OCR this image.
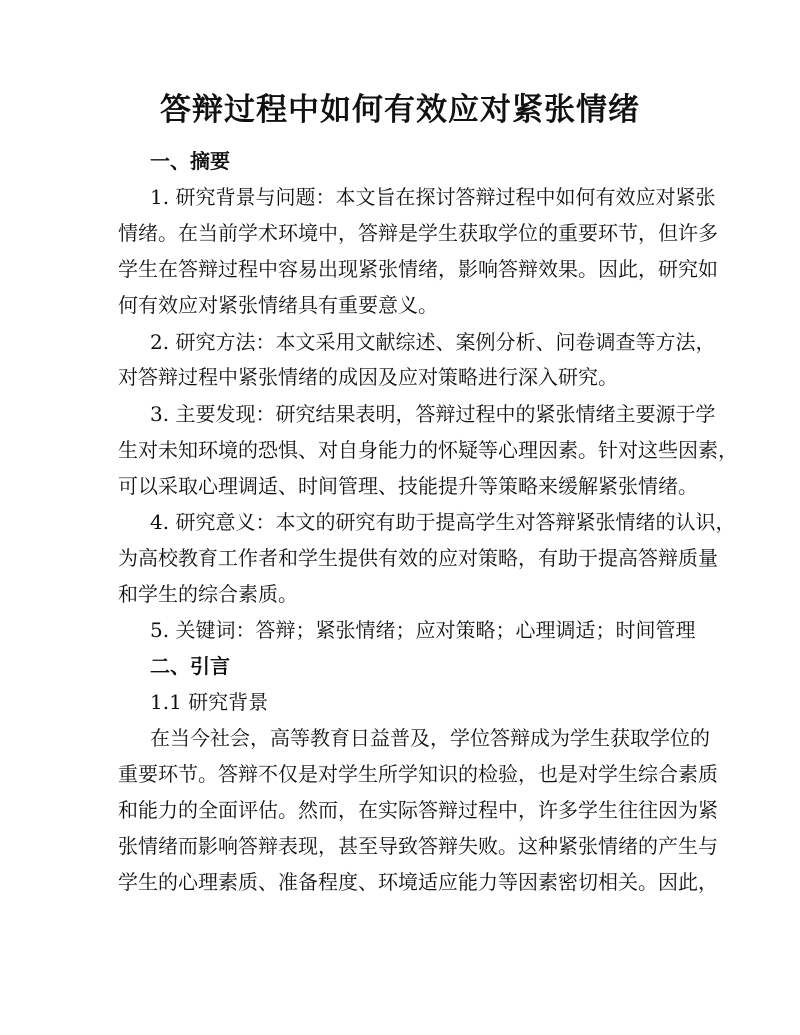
答辩过程中如何有效应对紧张情绪
一、摘要
1. 研究背景与问题：本文旨在探讨答辩过程中如何有效应对紧张
情绪。在当前学术环境中，答辩是学生获取学位的重要环节，但许多
学生在答辩过程中容易出现紧张情绪，影响答辩效果。因此，研究如
何有效应对紧张情绪具有重要意义。
2. 研究方法：本文采用文献综述、案例分析、问卷调查等方法，
对答辩过程中紧张情绪的成因及应对策略进行深入研究。
3. 主要发现：研究结果表明，答辩过程中的紧张情绪主要源于学
生对未知环境的恐惧、对自身能力的怀疑等心理因素。针对这些因素，
可以采取心理调适、时间管理、技能提升等策略来缓解紧张情绪。
4. 研究意义：本文的研究有助于提高学生对答辩紧张情绪的认识，
为高校教育工作者和学生提供有效的应对策略，有助于提高答辩质量
和学生的综合素质。
5. 关键词：答辩；紧张情绪；应对策略；心理调适；时间管理
二、引言
1.1 研究背景
在当今社会，高等教育日益普及，学位答辩成为学生获取学位的
重要环节。答辩不仅是对学生所学知识的检验，也是对学生综合素质
和能力的全面评估。然而，在实际答辩过程中，许多学生往往因为紧
张情绪而影响答辩表现，甚至导致答辩失败。这种紧张情绪的产生与
学生的心理素质、准备程度、环境适应能力等因素密切相关。因此，
